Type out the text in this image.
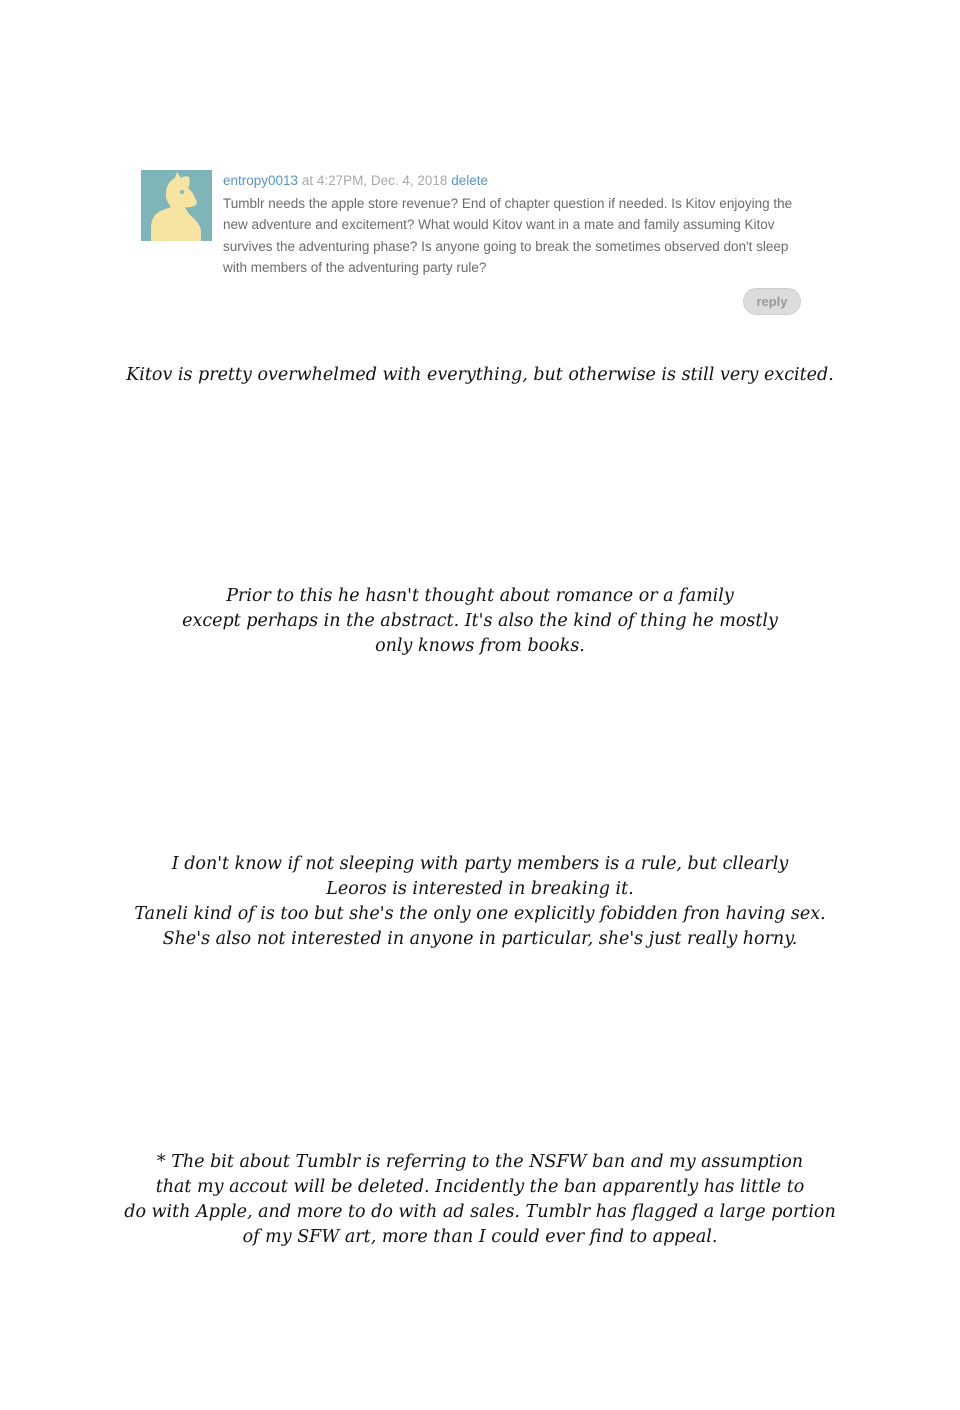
entropy0013 at 4:27PM, Dec. 4, 2018 delete
Tumblr needs the apple store revenue? End of chapter question if needed. Is Kitov enjoying the new adventure and excitement? What would Kitov want in a mate and family assuming Kitov survives the adventuring phase? Is anyone going to break the sometimes observed don't sleep with members of the adventuring party rule?
reply

Kitov is pretty overwhelmed with everything, but otherwise is still very excited.

Prior to this he hasn't thought about romance or a family

except perhaps in the abstract. It's also the kind of thing he mostly

only knows from books.

I don't know if not sleeping with party members is a rule, but cllearly

Leoros is interested in breaking it.

Taneli kind of is too but she's the only one explicitly fobidden fron having sex.

She's also not interested in anyone in particular, she's just really horny.

* The bit about Tumblr is referring to the NSFW ban and my assumption

that my accout will be deleted. Incidently the ban apparently has little to

do with Apple, and more to do with ad sales. Tumblr has flagged a large portion

of my SFW art, more than I could ever find to appeal.
